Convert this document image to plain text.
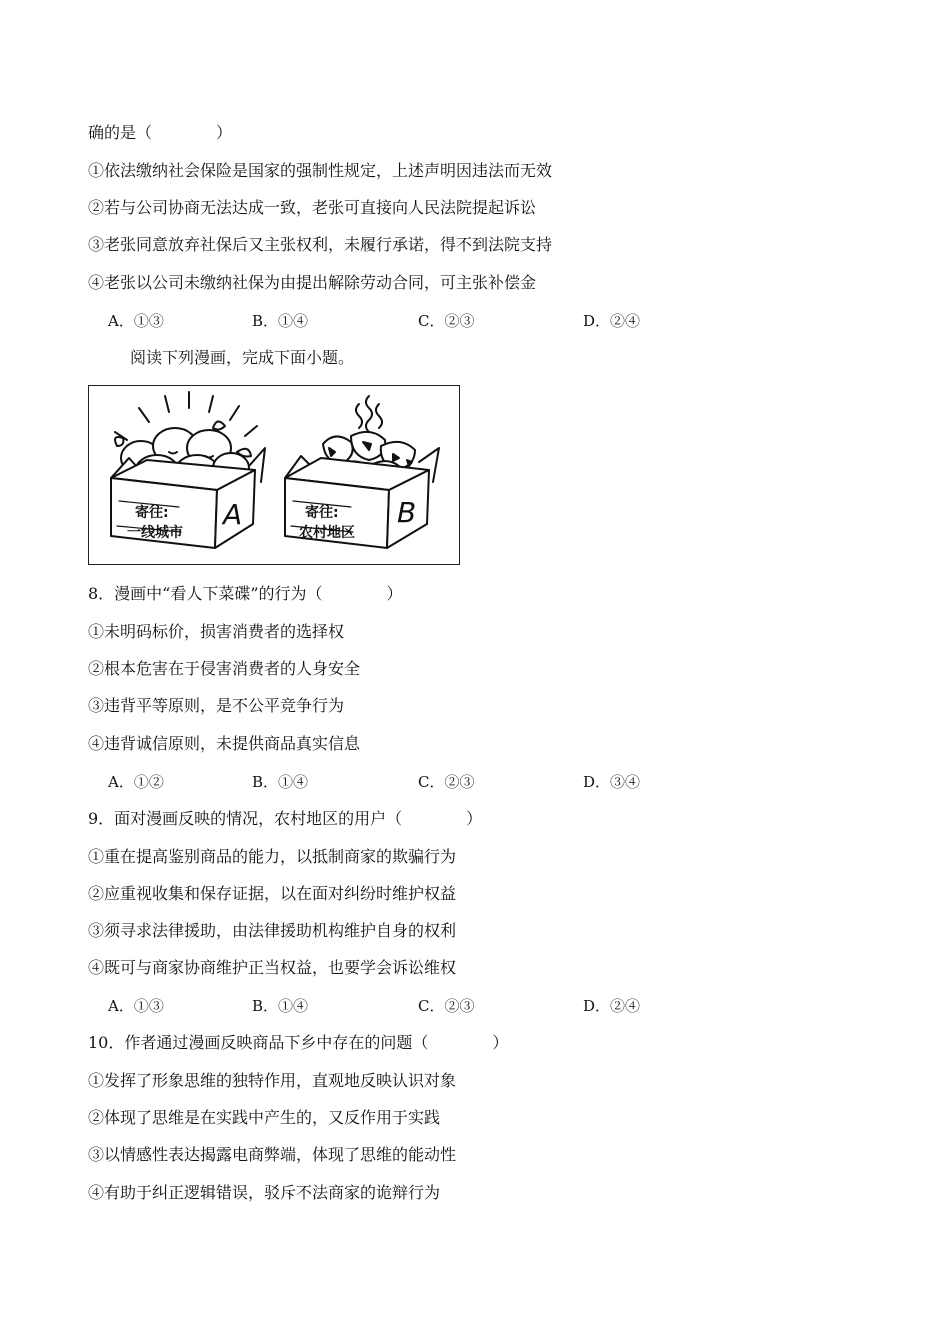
确的是（　　　　）
①依法缴纳社会保险是国家的强制性规定，上述声明因违法而无效
②若与公司协商无法达成一致，老张可直接向人民法院提起诉讼
③老张同意放弃社保后又主张权利，未履行承诺，得不到法院支持
④老张以公司未缴纳社保为由提出解除劳动合同，可主张补偿金
A．①③	B．①④	C．②③	D．②④
阅读下列漫画，完成下面小题。
寄往:
一线城市
A	寄往:
农村地区
B
8．漫画中“看人下菜碟”的行为（　　　　）
①未明码标价，损害消费者的选择权
②根本危害在于侵害消费者的人身安全
③违背平等原则，是不公平竞争行为
④违背诚信原则，未提供商品真实信息
A．①②	B．①④	C．②③	D．③④
9．面对漫画反映的情况，农村地区的用户（　　　　）
①重在提高鉴别商品的能力，以抵制商家的欺骗行为
②应重视收集和保存证据，以在面对纠纷时维护权益
③须寻求法律援助，由法律援助机构维护自身的权利
④既可与商家协商维护正当权益，也要学会诉讼维权
A．①③	B．①④	C．②③	D．②④
10．作者通过漫画反映商品下乡中存在的问题（　　　　）
①发挥了形象思维的独特作用，直观地反映认识对象
②体现了思维是在实践中产生的，又反作用于实践
③以情感性表达揭露电商弊端，体现了思维的能动性
④有助于纠正逻辑错误，驳斥不法商家的诡辩行为
